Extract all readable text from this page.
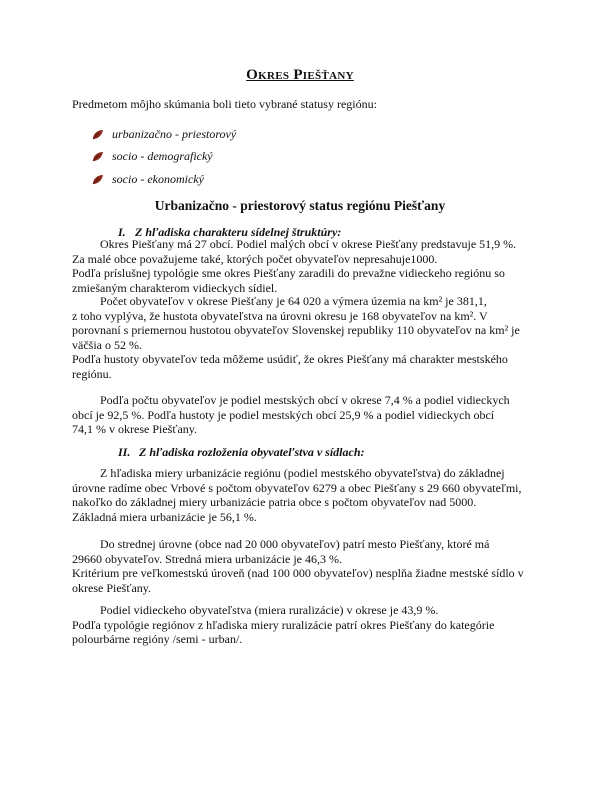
Okres Piešťany

Predmetom môjho skúmania boli tieto vybrané statusy regiónu:

urbanizačno - priestorový
socio - demografický
socio - ekonomický
Urbanizačno - priestorový status regiónu Piešťany
I. Z hľadiska charakteru sídelnej štruktúry:

Okres Piešťany má 27 obcí. Podiel malých obcí v okrese Piešťany predstavuje 51,9 %.
Za malé obce považujeme také, ktorých počet obyvateľov nepresahuje1000.
Podľa príslušnej typológie sme okres Piešťany zaradili do prevažne vidieckeho regiónu so
zmiešaným charakterom vidieckych sídiel.

Počet obyvateľov v okrese Piešťany je 64 020 a výmera územia na km² je 381,1,
z toho vyplýva, že hustota obyvateľstva na úrovni okresu je 168 obyvateľov na km². V
porovnaní s priemernou hustotou obyvateľov Slovenskej republiky 110 obyvateľov na km² je
väčšia o 52 %.
Podľa hustoty obyvateľov teda môžeme usúdiť, že okres Piešťany má charakter mestského
regiónu.

Podľa počtu obyvateľov je podiel mestských obcí v okrese 7,4 % a podiel vidieckych
obcí je 92,5 %. Podľa hustoty je podiel mestských obcí 25,9 % a podiel vidieckych obcí
74,1 % v okrese Piešťany.

II. Z hľadiska rozloženia obyvateľstva v sídlach:

Z hľadiska miery urbanizácie regiónu (podiel mestského obyvateľstva) do základnej
úrovne radíme obec Vrbové s počtom obyvateľov 6279 a obec Piešťany s 29 660 obyvateľmi,
nakoľko do základnej miery urbanizácie patria obce s počtom obyvateľov nad 5000.
Základná miera urbanizácie je 56,1 %.

Do strednej úrovne (obce nad 20 000 obyvateľov) patrí mesto Piešťany, ktoré má
29660 obyvateľov. Stredná miera urbanizácie je 46,3 %.
Kritérium pre veľkomestskú úroveň (nad 100 000 obyvateľov) nesplňa žiadne mestské sídlo v
okrese Piešťany.

Podiel vidieckeho obyvateľstva (miera ruralizácie) v okrese je 43,9 %.
Podľa typológie regiónov z hľadiska miery ruralizácie patrí okres Piešťany do kategórie
polourbárne regióny /semi - urban/.
